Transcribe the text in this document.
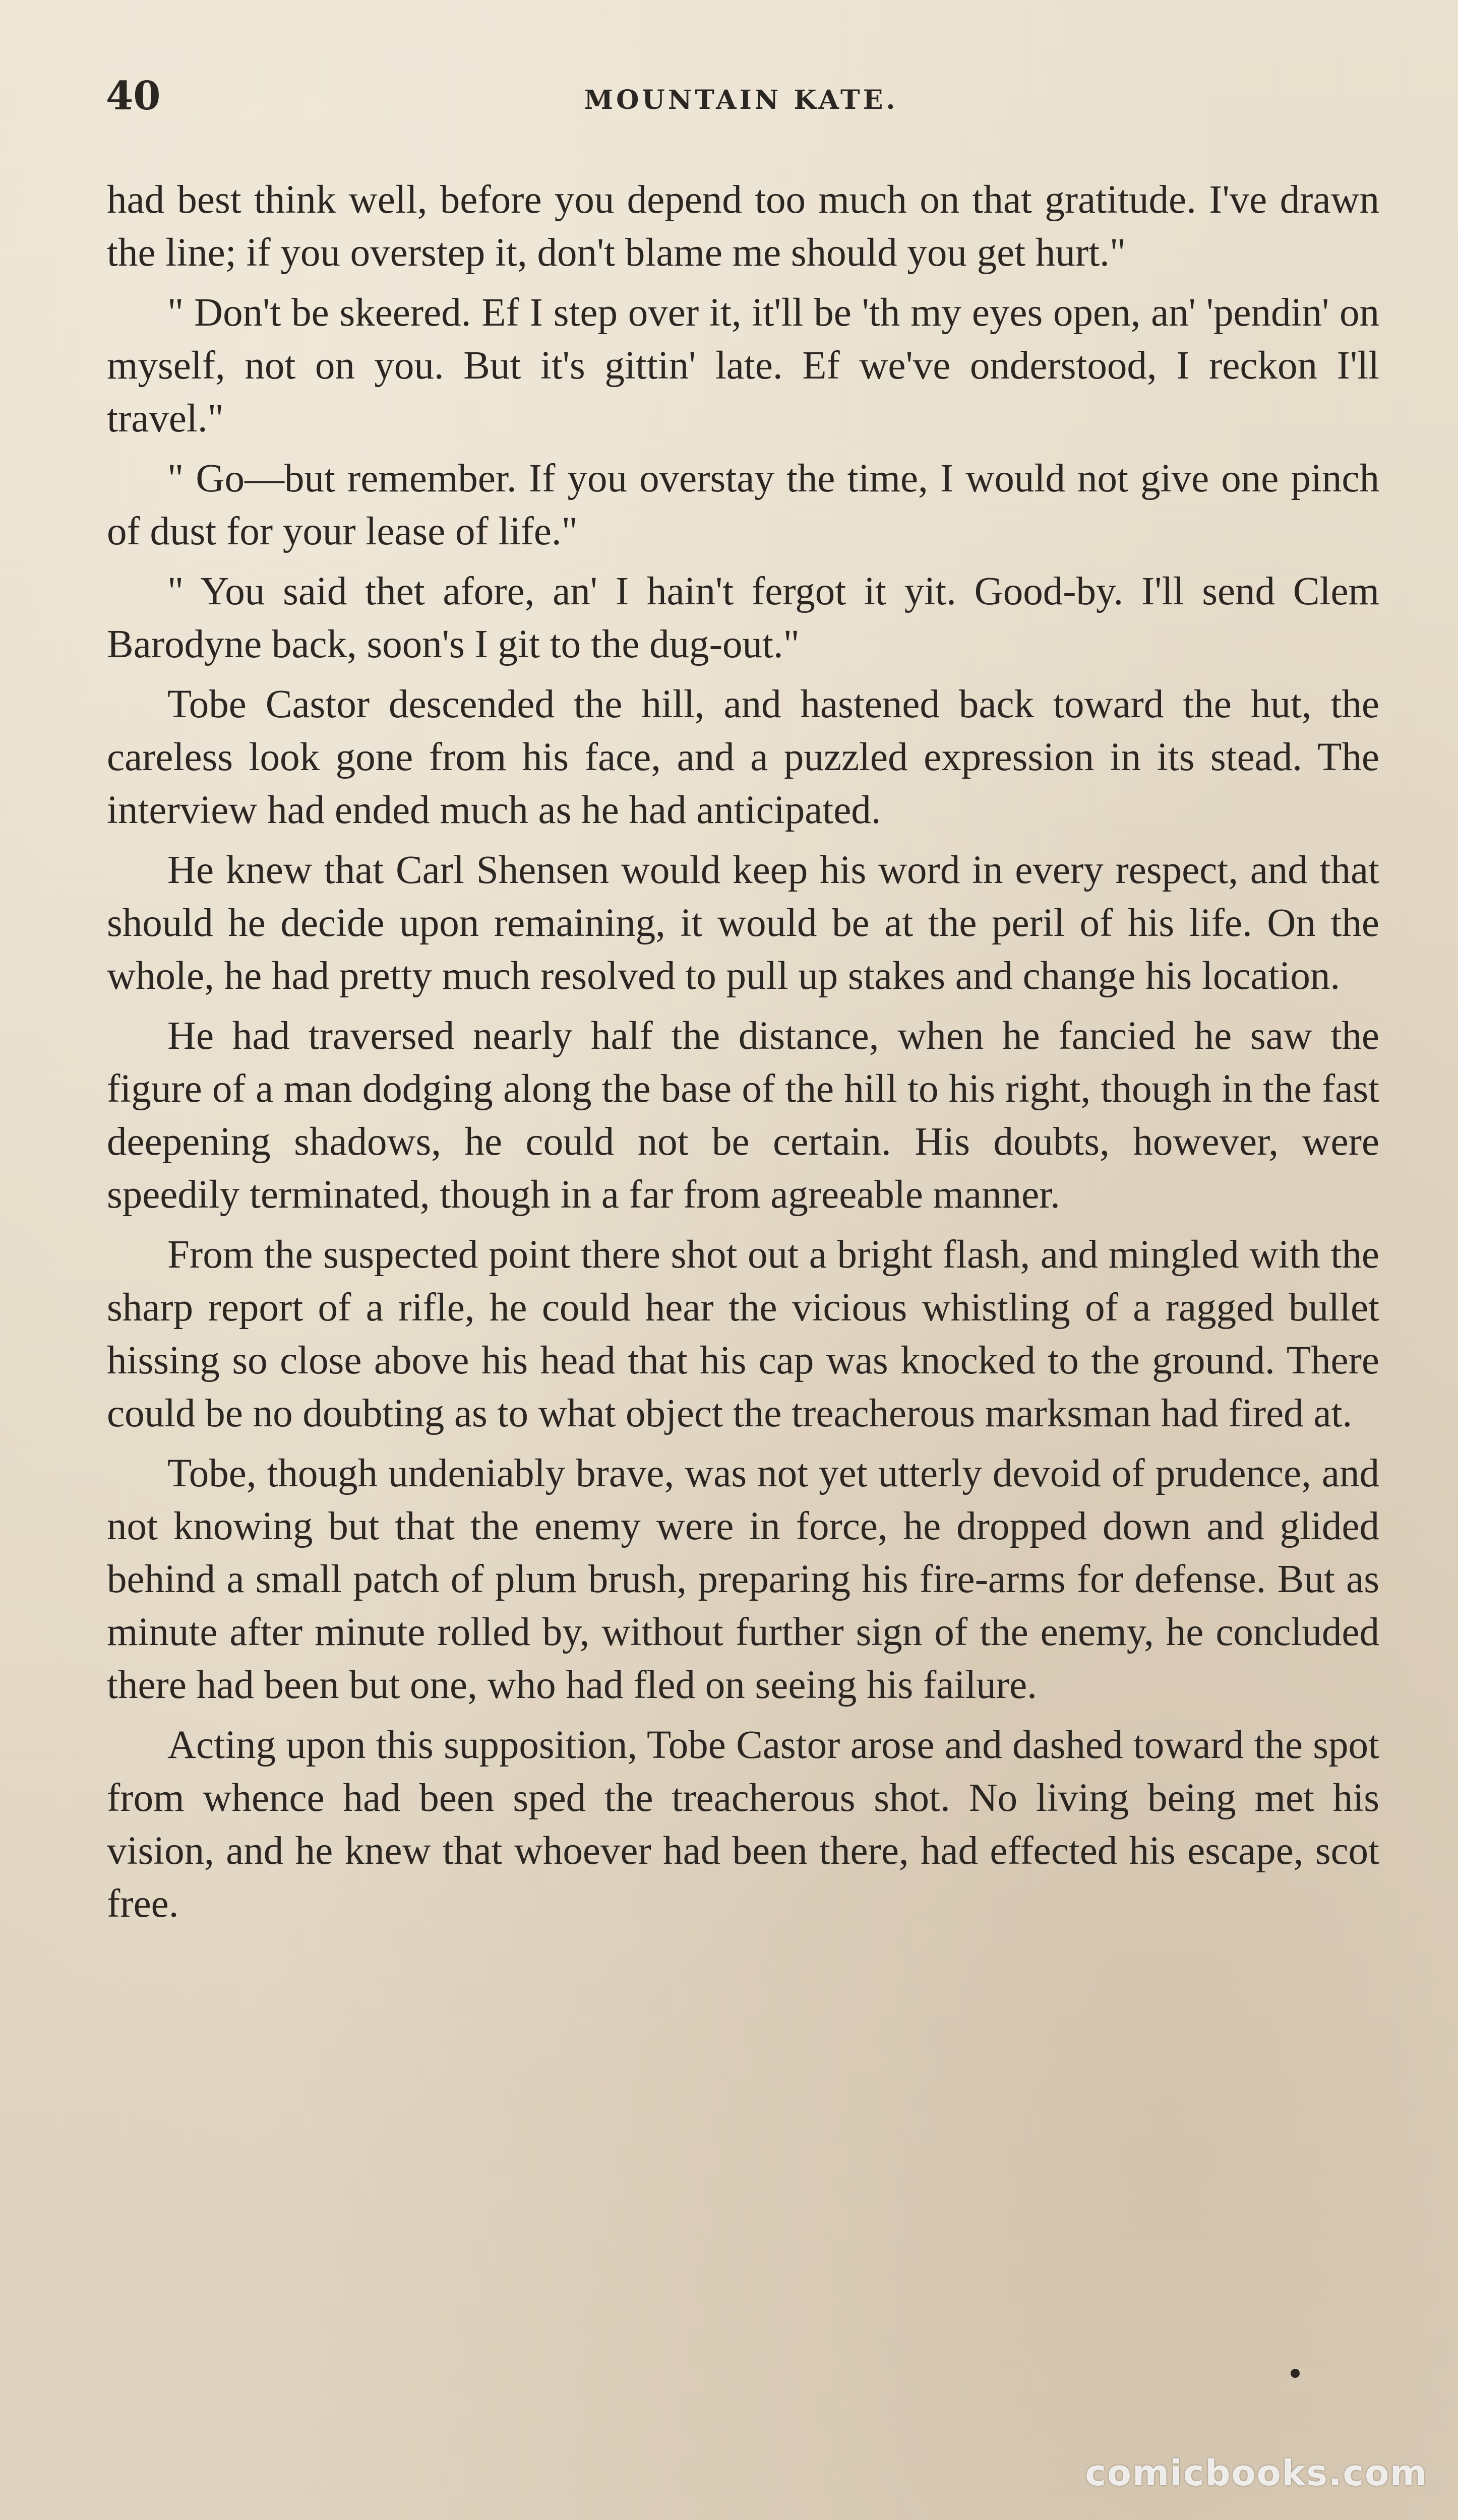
40	MOUNTAIN KATE.

had best think well, before you depend too much on that gratitude. I've drawn the line; if you overstep it, don't blame me should you get hurt."

" Don't be skeered. Ef I step over it, it'll be 'th my eyes open, an' 'pendin' on myself, not on you. But it's gittin' late. Ef we've onderstood, I reckon I'll travel."

" Go—but remember. If you overstay the time, I would not give one pinch of dust for your lease of life."

" You said thet afore, an' I hain't fergot it yit. Good-by. I'll send Clem Barodyne back, soon's I git to the dug-out."

Tobe Castor descended the hill, and hastened back toward the hut, the careless look gone from his face, and a puzzled expression in its stead. The interview had ended much as he had anticipated.

He knew that Carl Shensen would keep his word in every respect, and that should he decide upon remaining, it would be at the peril of his life. On the whole, he had pretty much resolved to pull up stakes and change his location.

He had traversed nearly half the distance, when he fancied he saw the figure of a man dodging along the base of the hill to his right, though in the fast deepening shadows, he could not be certain. His doubts, however, were speedily terminated, though in a far from agreeable manner.

From the suspected point there shot out a bright flash, and mingled with the sharp report of a rifle, he could hear the vicious whistling of a ragged bullet hissing so close above his head that his cap was knocked to the ground. There could be no doubting as to what object the treacherous marksman had fired at.

Tobe, though undeniably brave, was not yet utterly devoid of prudence, and not knowing but that the enemy were in force, he dropped down and glided behind a small patch of plum brush, preparing his fire-arms for defense. But as minute after minute rolled by, without further sign of the enemy, he concluded there had been but one, who had fled on seeing his failure.

Acting upon this supposition, Tobe Castor arose and dashed toward the spot from whence had been sped the treacherous shot. No living being met his vision, and he knew that whoever had been there, had effected his escape, scot free.

comicbooks.com
